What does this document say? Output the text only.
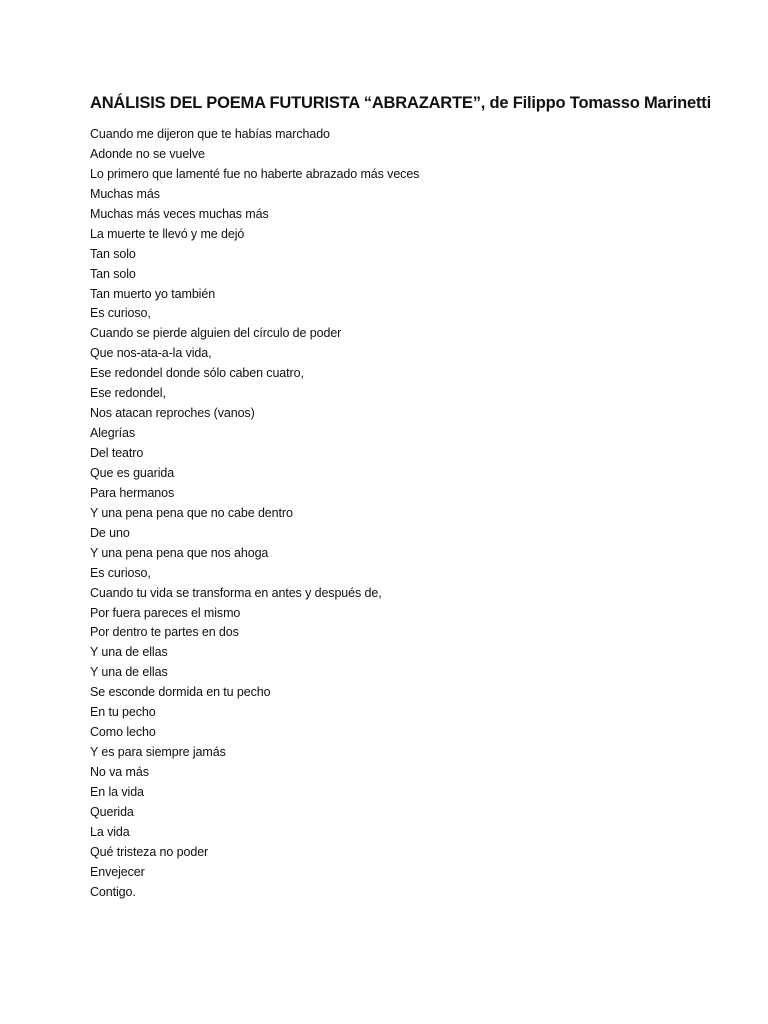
ANÁLISIS DEL POEMA FUTURISTA “ABRAZARTE”, de Filippo Tomasso Marinetti
Cuando me dijeron que te habías marchado
Adonde no se vuelve
Lo primero que lamenté fue no haberte abrazado más veces
Muchas más
Muchas más veces muchas más
La muerte te llevó y me dejó
Tan solo
Tan solo
Tan muerto yo también
Es curioso,
Cuando se pierde alguien del círculo de poder
Que nos-ata-a-la vida,
Ese redondel donde sólo caben cuatro,
Ese redondel,
Nos atacan reproches (vanos)
Alegrías
Del teatro
Que es guarida
Para hermanos
Y una pena pena que no cabe dentro
De uno
Y una pena pena que nos ahoga
Es curioso,
Cuando tu vida se transforma en antes y después de,
Por fuera pareces el mismo
Por dentro te partes en dos
Y una de ellas
Y una de ellas
Se esconde dormida en tu pecho
En tu pecho
Como lecho
Y es para siempre jamás
No va más
En la vida
Querida
La vida
Qué tristeza no poder
Envejecer
Contigo.
